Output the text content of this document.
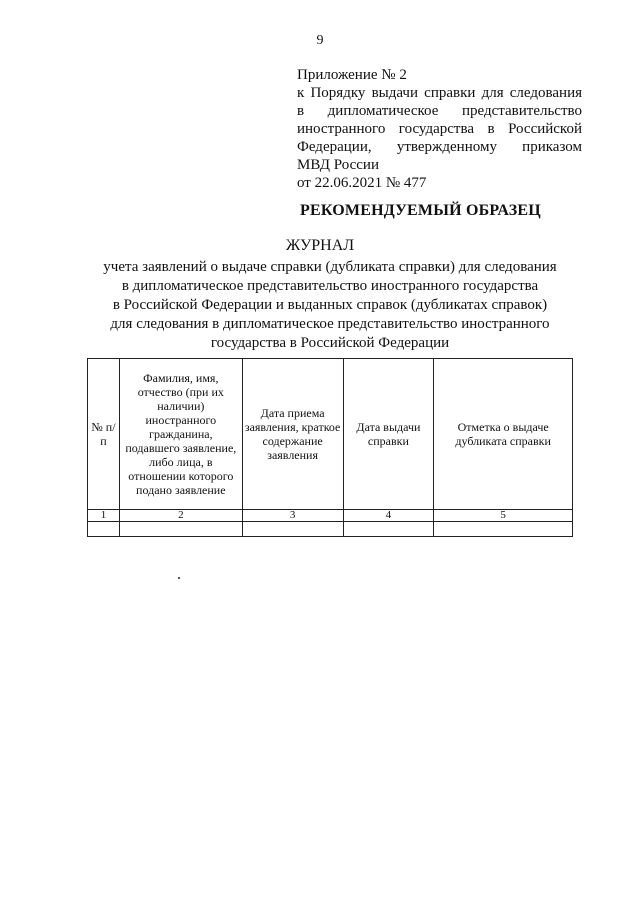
9
Приложение № 2
к Порядку выдачи справки для следования
в дипломатическое представительство
иностранного государства в Российской
Федерации, утвержденному приказом
МВД России
от 22.06.2021 № 477
РЕКОМЕНДУЕМЫЙ ОБРАЗЕЦ
ЖУРНАЛ
учета заявлений о выдаче справки (дубликата справки) для следования
в дипломатическое представительство иностранного государства
в Российской Федерации и выданных справок (дубликатах справок)
для следования в дипломатическое представительство иностранного
государства в Российской Федерации
№ п/п	Фамилия, имя, отчество (при их наличии) иностранного гражданина, подавшего заявление, либо лица, в отношении которого подано заявление	Дата приема заявления, краткое содержание заявления	Дата выдачи справки	Отметка о выдаче дубликата справки
1	2	3	4	5
